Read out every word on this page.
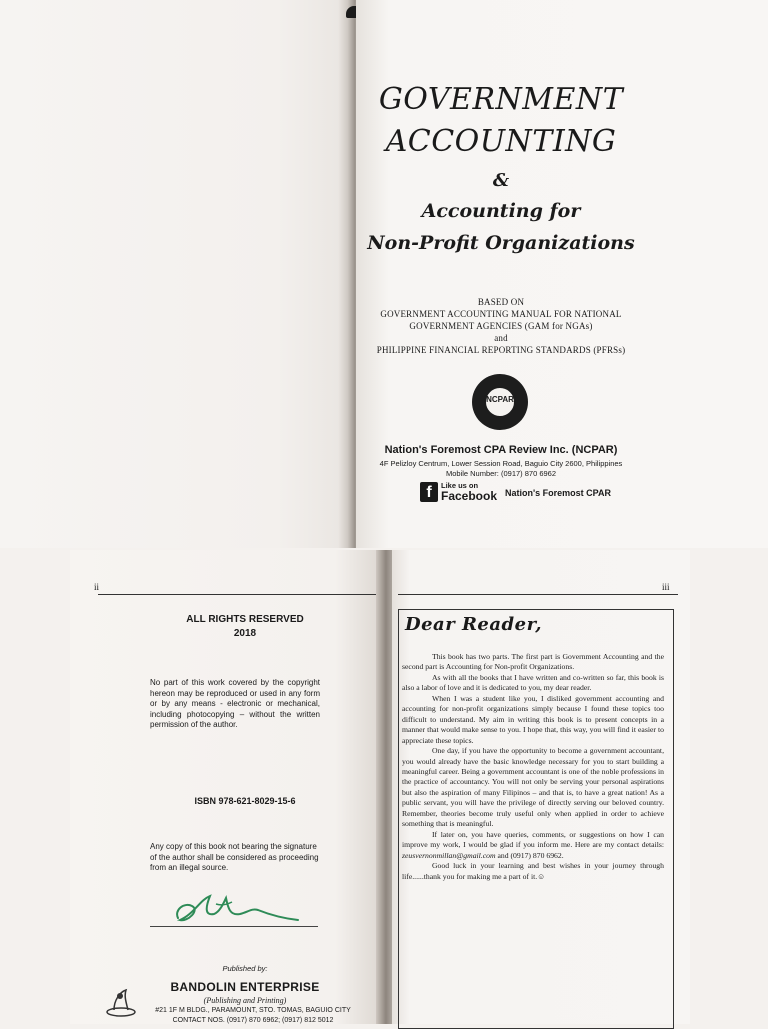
GOVERNMENT
ACCOUNTING
&
Accounting for
Non-Profit Organizations
BASED ON
GOVERNMENT ACCOUNTING MANUAL FOR NATIONAL
GOVERNMENT AGENCIES (GAM for NGAs)
and
PHILIPPINE FINANCIAL REPORTING STANDARDS (PFRSs)
NCPAR
Nation's Foremost CPA Review Inc. (NCPAR)
4F Pelizloy Centrum, Lower Session Road, Baguio City 2600, Philippines
Mobile Number: (0917) 870 6962
f	Like us on
Facebook Nation's Foremost CPAR
ii	iii
ALL RIGHTS RESERVED
2018
No part of this work covered by the copyright hereon may be reproduced or used in any form or by any means - electronic or mechanical, including photocopying – without the written permission of the author.
ISBN 978-621-8029-15-6
Any copy of this book not bearing the signature of the author shall be considered as proceeding from an illegal source.
Published by:
BANDOLIN ENTERPRISE
(Publishing and Printing)
#21 1F M BLDG., PARAMOUNT, STO. TOMAS, BAGUIO CITY
CONTACT NOS. (0917) 870 6962; (0917) 812 5012
Dear Reader,

This book has two parts. The first part is Government Accounting and the second part is Accounting for Non-profit Organizations.

As with all the books that I have written and co-written so far, this book is also a labor of love and it is dedicated to you, my dear reader.

When I was a student like you, I disliked government accounting and accounting for non-profit organizations simply because I found these topics too difficult to understand. My aim in writing this book is to present concepts in a manner that would make sense to you. I hope that, this way, you will find it easier to appreciate these topics.

One day, if you have the opportunity to become a government accountant, you would already have the basic knowledge necessary for you to start building a meaningful career. Being a government accountant is one of the noble professions in the practice of accountancy. You will not only be serving your personal aspirations but also the aspiration of many Filipinos – and that is, to have a great nation! As a public servant, you will have the privilege of directly serving our beloved country. Remember, theories become truly useful only when applied in order to achieve something that is meaningful.

If later on, you have queries, comments, or suggestions on how I can improve my work, I would be glad if you inform me. Here are my contact details: zeusvernonmillan@gmail.com and (0917) 870 6962.

Good luck in your learning and best wishes in your journey through life......thank you for making me a part of it.☺
